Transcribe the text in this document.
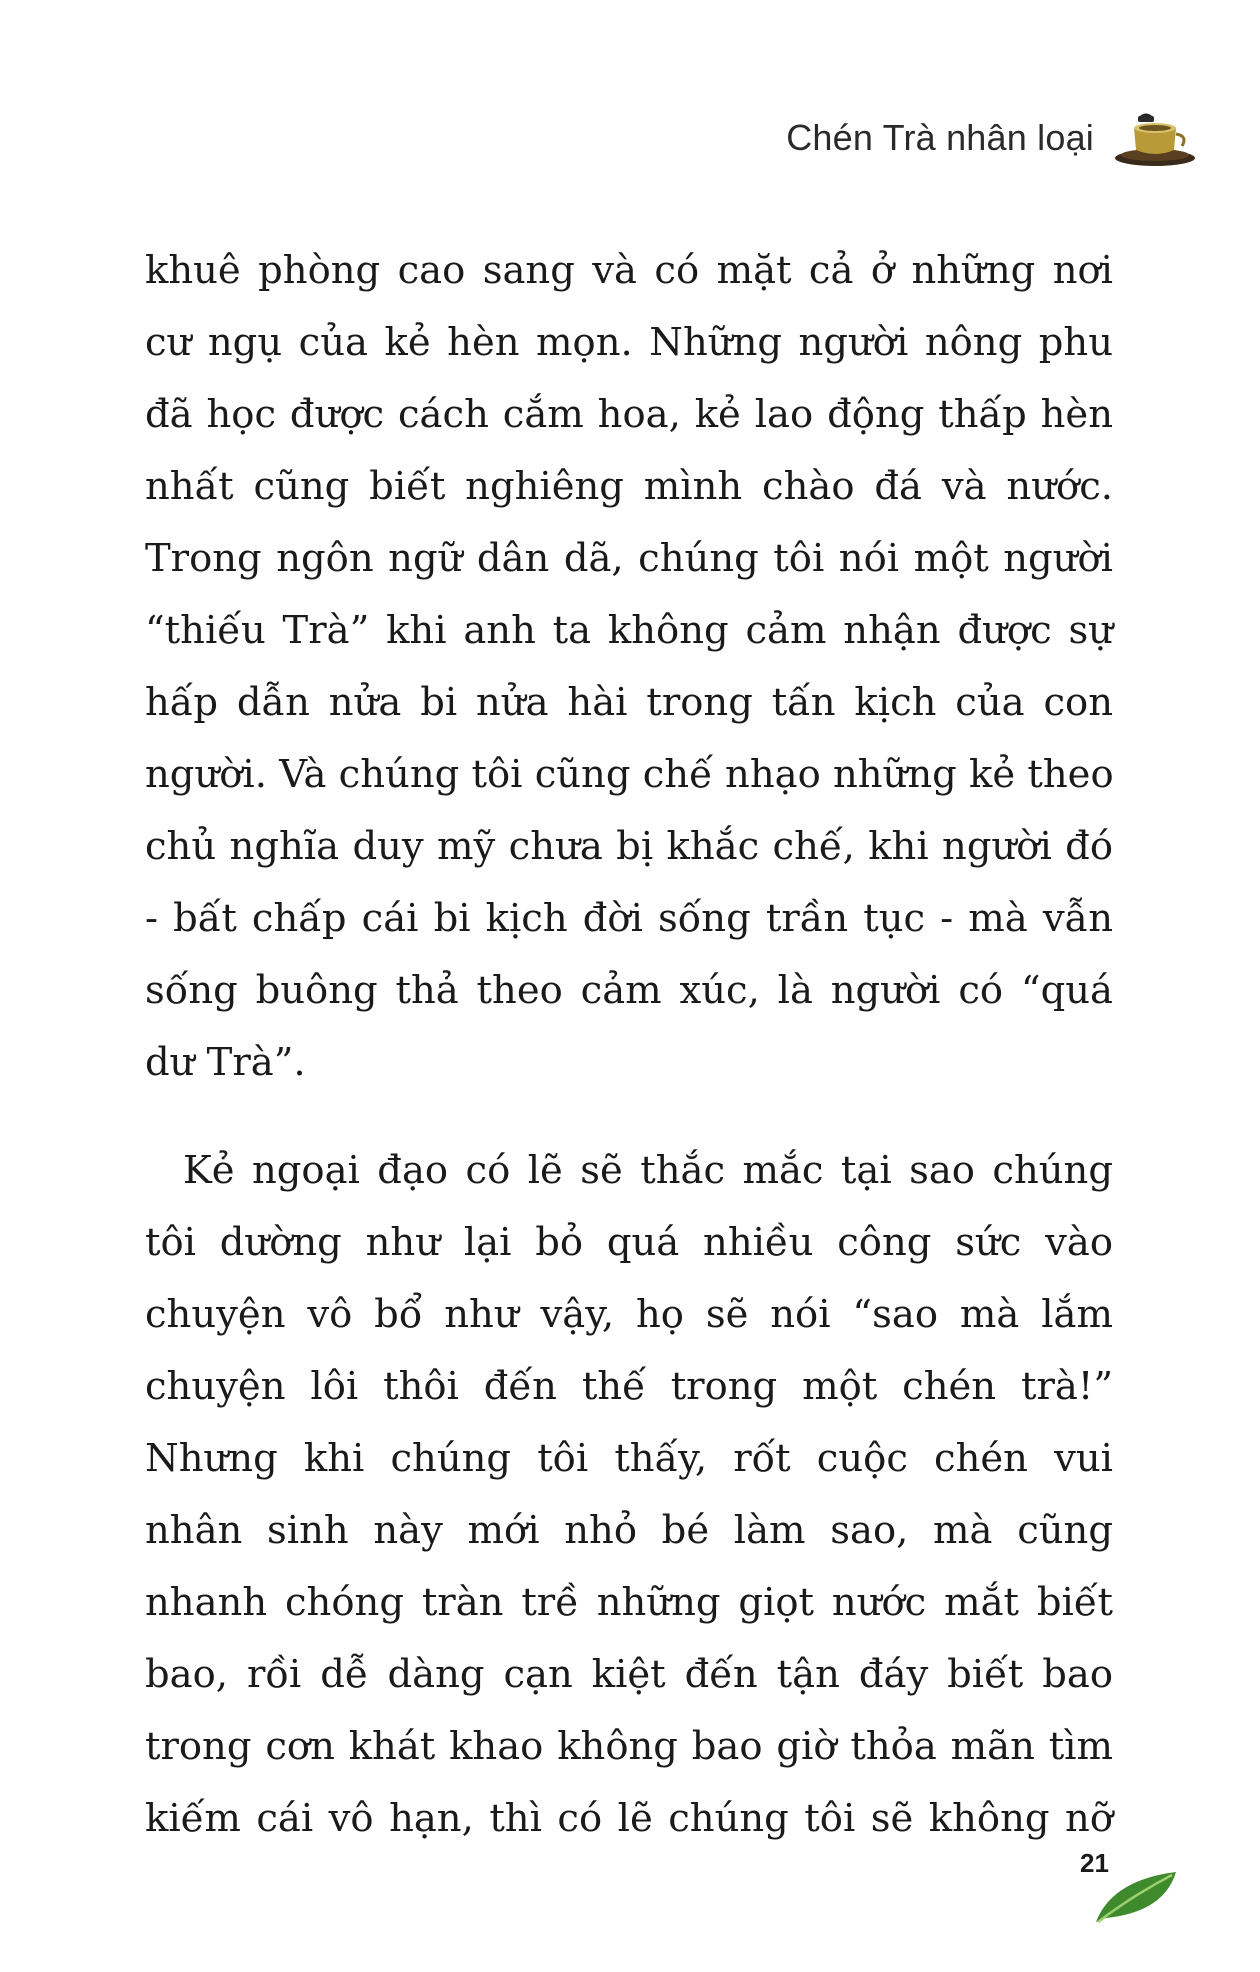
Chén Trà nhân loại
khuê phòng cao sang và có mặt cả ở những nơi
cư ngụ của kẻ hèn mọn. Những người nông phu
đã học được cách cắm hoa, kẻ lao động thấp hèn
nhất cũng biết nghiêng mình chào đá và nước.
Trong ngôn ngữ dân dã, chúng tôi nói một người
“thiếu Trà” khi anh ta không cảm nhận được sự
hấp dẫn nửa bi nửa hài trong tấn kịch của con
người. Và chúng tôi cũng chế nhạo những kẻ theo
chủ nghĩa duy mỹ chưa bị khắc chế, khi người đó
- bất chấp cái bi kịch đời sống trần tục - mà vẫn
sống buông thả theo cảm xúc, là người có “quá
dư Trà”.
Kẻ ngoại đạo có lẽ sẽ thắc mắc tại sao chúng
tôi dường như lại bỏ quá nhiều công sức vào
chuyện vô bổ như vậy, họ sẽ nói “sao mà lắm
chuyện lôi thôi đến thế trong một chén trà!”
Nhưng khi chúng tôi thấy, rốt cuộc chén vui
nhân sinh này mới nhỏ bé làm sao, mà cũng
nhanh chóng tràn trề những giọt nước mắt biết
bao, rồi dễ dàng cạn kiệt đến tận đáy biết bao
trong cơn khát khao không bao giờ thỏa mãn tìm
kiếm cái vô hạn, thì có lẽ chúng tôi sẽ không nỡ
21
